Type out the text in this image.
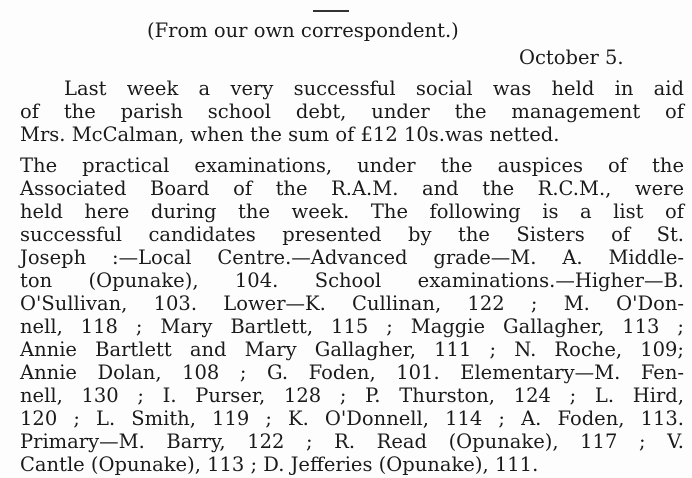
(From our own correspondent.)
October 5.
Last week a very successful social was held in aid
of the parish school debt, under the management of
Mrs. McCalman, when the sum of £12 10s.was netted.
The practical examinations, under the auspices of the
Associated Board of the R.A.M. and the R.C.M., were
held here during the week. The following is a list of
successful candidates presented by the Sisters of St.
Joseph :—Local Centre.—Advanced grade—M. A. Middle-
ton (Opunake), 104. School examinations.—Higher—B.
O'Sullivan, 103. Lower—K. Cullinan, 122 ; M. O'Don-
nell, 118 ; Mary Bartlett, 115 ; Maggie Gallagher, 113 ;
Annie Bartlett and Mary Gallagher, 111 ; N. Roche, 109;
Annie Dolan, 108 ; G. Foden, 101. Elementary—M. Fen-
nell, 130 ; I. Purser, 128 ; P. Thurston, 124 ; L. Hird,
120 ; L. Smith, 119 ; K. O'Donnell, 114 ; A. Foden, 113.
Primary—M. Barry, 122 ; R. Read (Opunake), 117 ; V.
Cantle (Opunake), 113 ; D. Jefferies (Opunake), 111.
